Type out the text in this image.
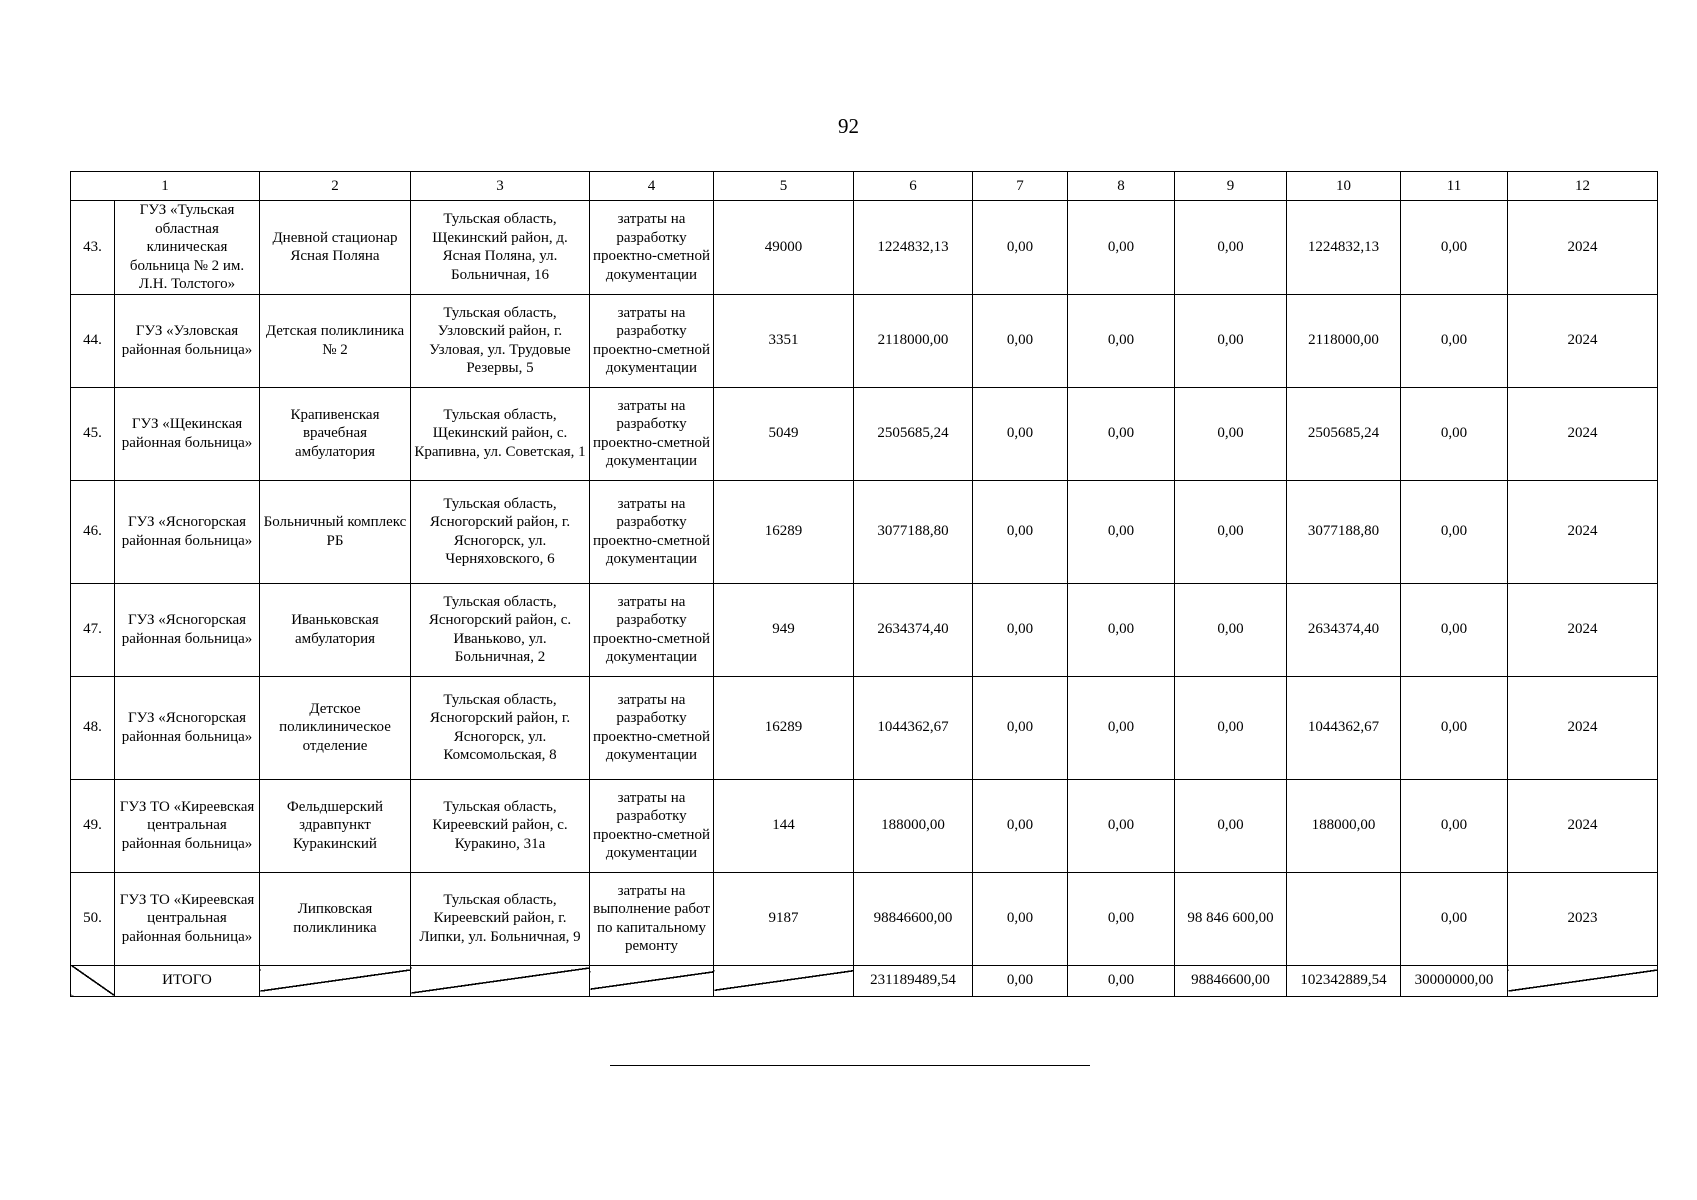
92
1		2	3	4	5	6	7	8	9	10	11	12
43.	ГУЗ «Тульская областная клиническая больница № 2 им. Л.Н. Толстого»	Дневной стационар Ясная Поляна	Тульская область, Щекинский район, д. Ясная Поляна, ул. Больничная, 16	затраты на разработку проектно-сметной документации	49000	1224832,13	0,00	0,00	0,00	1224832,13	0,00	2024
44.	ГУЗ «Узловская районная больница»	Детская поликлиника № 2	Тульская область, Узловский район, г. Узловая, ул. Трудовые Резервы, 5	затраты на разработку проектно-сметной документации	3351	2118000,00	0,00	0,00	0,00	2118000,00	0,00	2024
45.	ГУЗ «Щекинская районная больница»	Крапивенская врачебная амбулатория	Тульская область, Щекинский район, с. Крапивна, ул. Советская, 1	затраты на разработку проектно-сметной документации	5049	2505685,24	0,00	0,00	0,00	2505685,24	0,00	2024
46.	ГУЗ «Ясногорская районная больница»	Больничный комплекс РБ	Тульская область, Ясногорский район, г. Ясногорск, ул. Черняховского, 6	затраты на разработку проектно-сметной документации	16289	3077188,80	0,00	0,00	0,00	3077188,80	0,00	2024
47.	ГУЗ «Ясногорская районная больница»	Иваньковская амбулатория	Тульская область, Ясногорский район, с. Иваньково, ул. Больничная, 2	затраты на разработку проектно-сметной документации	949	2634374,40	0,00	0,00	0,00	2634374,40	0,00	2024
48.	ГУЗ «Ясногорская районная больница»	Детское поликлиническое отделение	Тульская область, Ясногорский район, г. Ясногорск, ул. Комсомольская, 8	затраты на разработку проектно-сметной документации	16289	1044362,67	0,00	0,00	0,00	1044362,67	0,00	2024
49.	ГУЗ ТО «Киреевская центральная районная больница»	Фельдшерский здравпункт Куракинский	Тульская область, Киреевский район, с. Куракино, 31а	затраты на разработку проектно-сметной документации	144	188000,00	0,00	0,00	0,00	188000,00	0,00	2024
50.	ГУЗ ТО «Киреевская центральная районная больница»	Липковская поликлиника	Тульская область, Киреевский район, г. Липки, ул. Больничная, 9	затраты на выполнение работ по капитальному ремонту	9187	98846600,00	0,00	0,00	98 846 600,00		0,00	2023
	ИТОГО					231189489,54	0,00	0,00	98846600,00	102342889,54	30000000,00	
